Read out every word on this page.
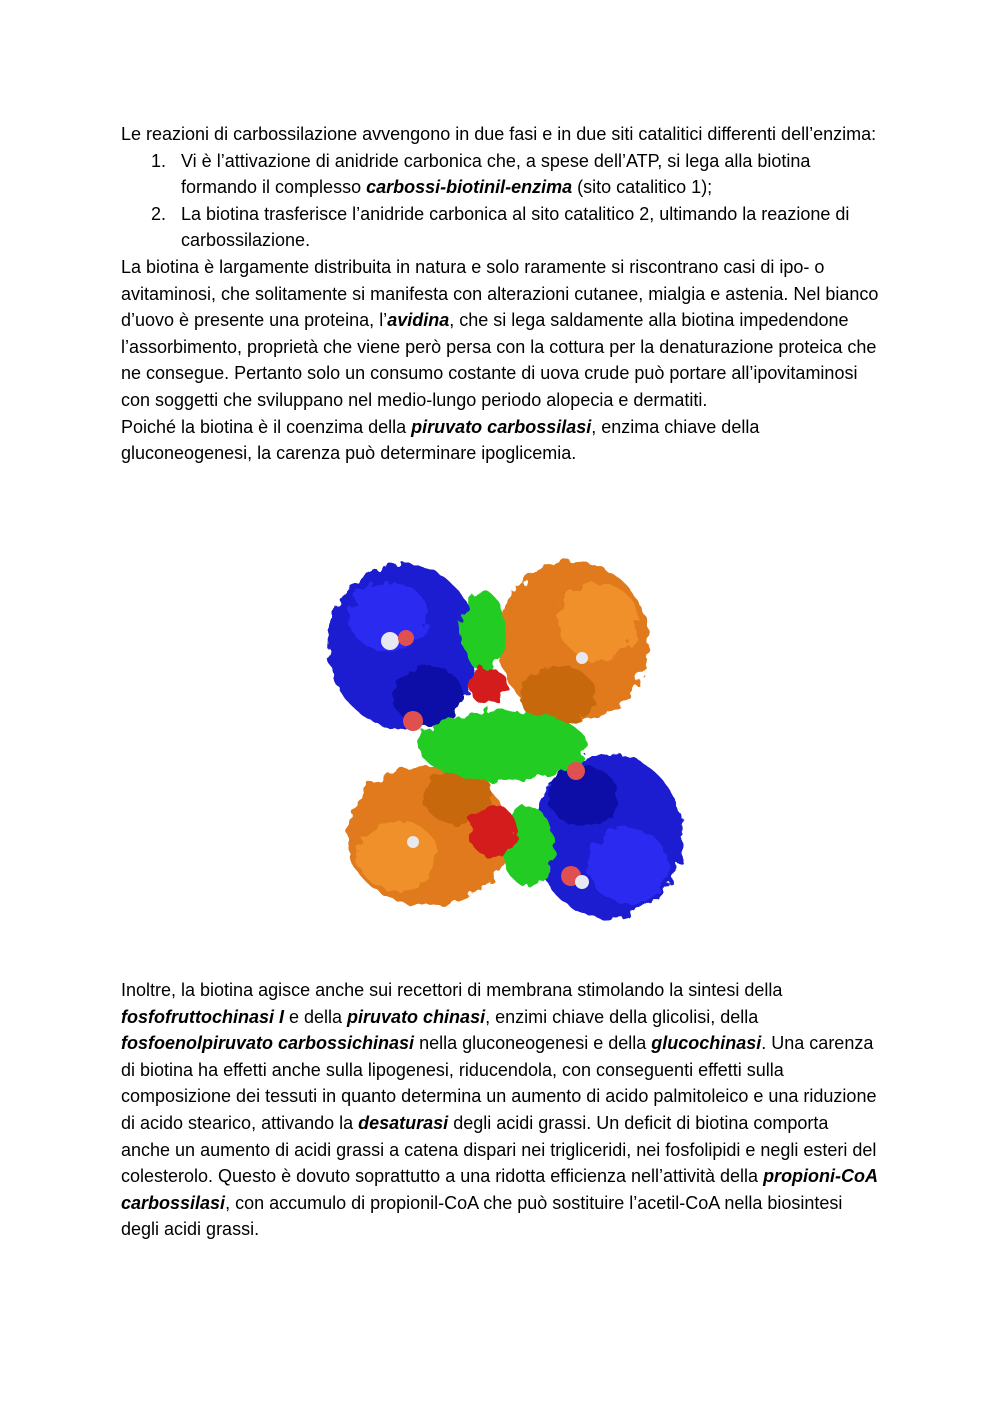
Le reazioni di carbossilazione avvengono in due fasi e in due siti catalitici differenti dell’enzima:

1. Vi è l’attivazione di anidride carbonica che, a spese dell’ATP, si lega alla biotina formando il complesso carbossi-biotinil-enzima (sito catalitico 1);
2. La biotina trasferisce l’anidride carbonica al sito catalitico 2, ultimando la reazione di carbossilazione.

La biotina è largamente distribuita in natura e solo raramente si riscontrano casi di ipo- o avitaminosi, che solitamente si manifesta con alterazioni cutanee, mialgia e astenia. Nel bianco d’uovo è presente una proteina, l’avidina, che si lega saldamente alla biotina impedendone l’assorbimento, proprietà che viene però persa con la cottura per la denaturazione proteica che ne consegue. Pertanto solo un consumo costante di uova crude può portare all’ipovitaminosi con soggetti che sviluppano nel medio-lungo periodo alopecia e dermatiti.

Poiché la biotina è il coenzima della piruvato carbossilasi, enzima chiave della gluconeogenesi, la carenza può determinare ipoglicemia.

Inoltre, la biotina agisce anche sui recettori di membrana stimolando la sintesi della fosfofruttochinasi I e della piruvato chinasi, enzimi chiave della glicolisi, della fosfoenolpiruvato carbossichinasi nella gluconeogenesi e della glucochinasi. Una carenza di biotina ha effetti anche sulla lipogenesi, riducendola, con conseguenti effetti sulla composizione dei tessuti in quanto determina un aumento di acido palmitoleico e una riduzione di acido stearico, attivando la desaturasi degli acidi grassi. Un deficit di biotina comporta anche un aumento di acidi grassi a catena dispari nei trigliceridi, nei fosfolipidi e negli esteri del colesterolo. Questo è dovuto soprattutto a una ridotta efficienza nell’attività della propioni-CoA carbossilasi, con accumulo di propionil-CoA che può sostituire l’acetil-CoA nella biosintesi degli acidi grassi.
